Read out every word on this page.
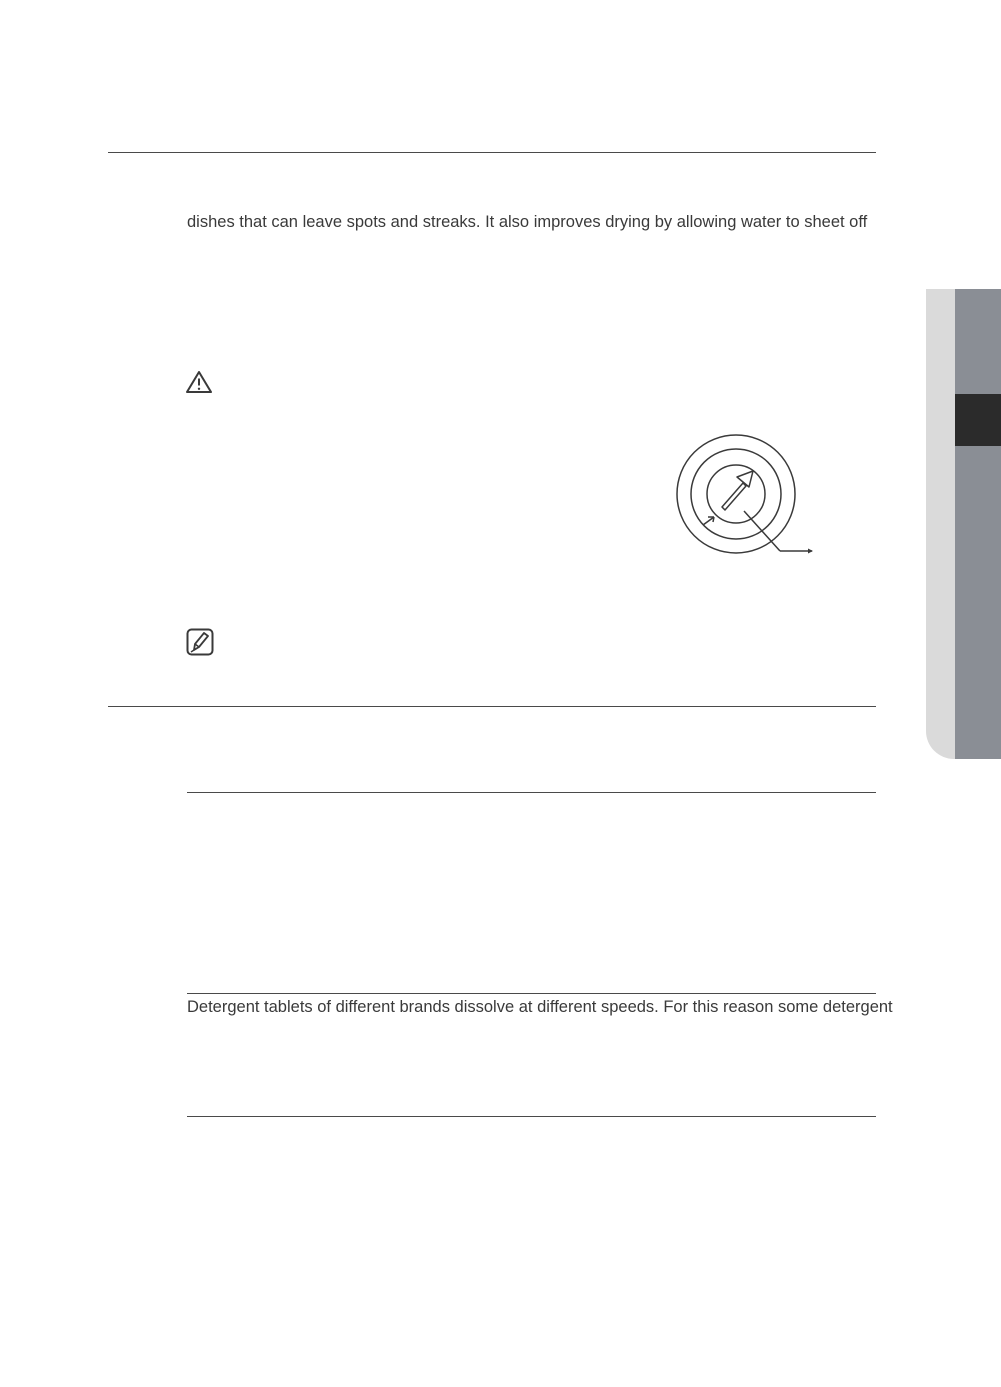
dishes that can leave spots and streaks. It also improves drying by allowing water to sheet off
Detergent tablets of different brands dissolve at different speeds. For this reason some detergent
